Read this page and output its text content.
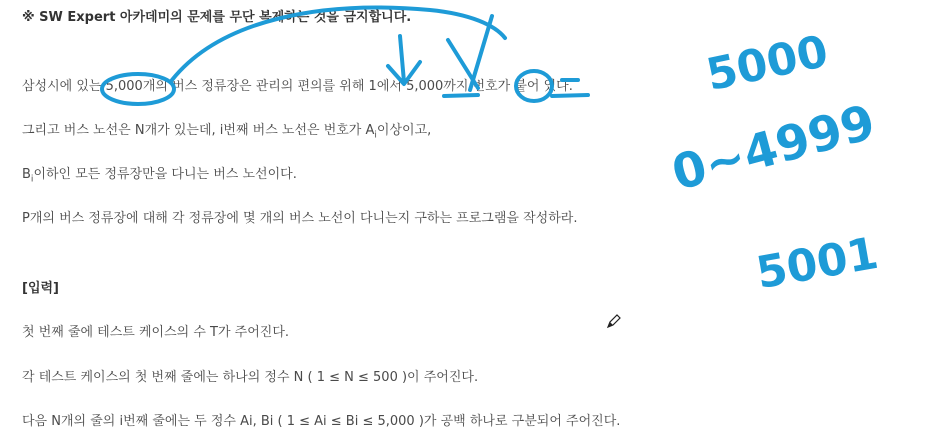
※ SW Expert 아카데미의 문제를 무단 복제하는 것을 금지합니다.

삼성시에 있는 5,000개의 버스 정류장은 관리의 편의를 위해 1에서 5,000까지 번호가 붙어 있다.

그리고 버스 노선은 N개가 있는데, i번째 버스 노선은 번호가 $A_i$이상이고,

$B_i$이하인 모든 정류장만을 다니는 버스 노선이다.

P개의 버스 정류장에 대해 각 정류장에 몇 개의 버스 노선이 다니는지 구하는 프로그램을 작성하라.

[입력]

첫 번째 줄에 테스트 케이스의 수 T가 주어진다.

각 테스트 케이스의 첫 번째 줄에는 하나의 정수 N ( 1 ≤ N ≤ 500 )이 주어진다.

다음 N개의 줄의 i번째 줄에는 두 정수 Ai, Bi ( 1 ≤ Ai ≤ Bi ≤ 5,000 )가 공백 하나로 구분되어 주어진다.

5000
0~4999
5001
